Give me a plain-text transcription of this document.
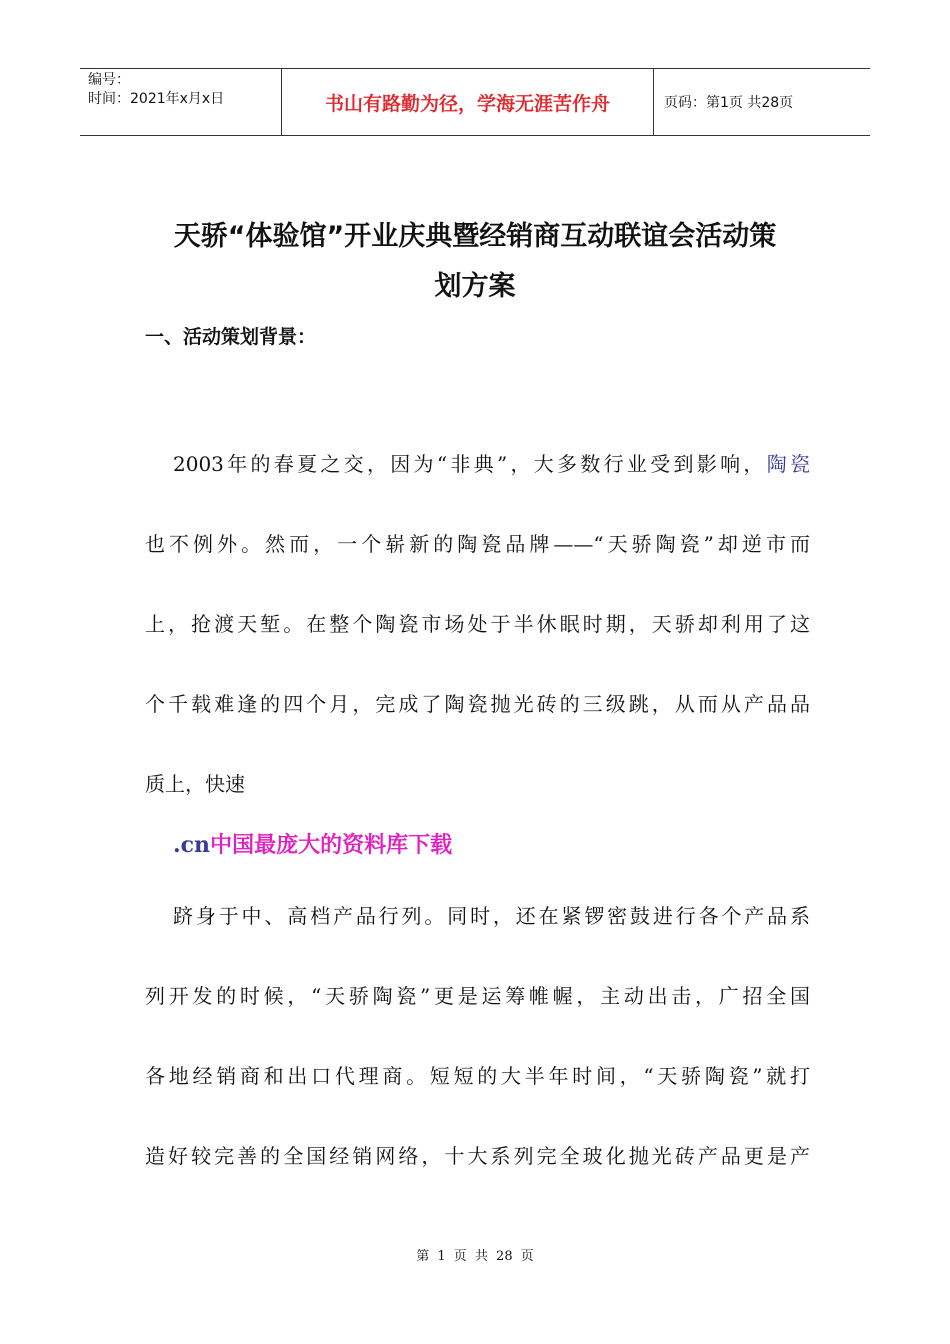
编号：
时间：2021年x月x日	书山有路勤为径，学海无涯苦作舟	页码：第1页 共28页
天骄“体验馆”开业庆典暨经销商互动联谊会活动策
划方案
一、活动策划背景：

2003年的春夏之交，因为“非典”，大多数行业受到影响，陶瓷

也不例外。然而，一个崭新的陶瓷品牌——“天骄陶瓷”却逆市而

上，抢渡天堑。在整个陶瓷市场处于半休眠时期，天骄却利用了这

个千载难逢的四个月，完成了陶瓷抛光砖的三级跳，从而从产品品

质上，快速

.cn中国最庞大的资料库下载

跻身于中、高档产品行列。同时，还在紧锣密鼓进行各个产品系

列开发的时候，“天骄陶瓷”更是运筹帷幄，主动出击，广招全国

各地经销商和出口代理商。短短的大半年时间，“天骄陶瓷”就打

造好较完善的全国经销网络，十大系列完全玻化抛光砖产品更是产

第 1 页 共 28 页
